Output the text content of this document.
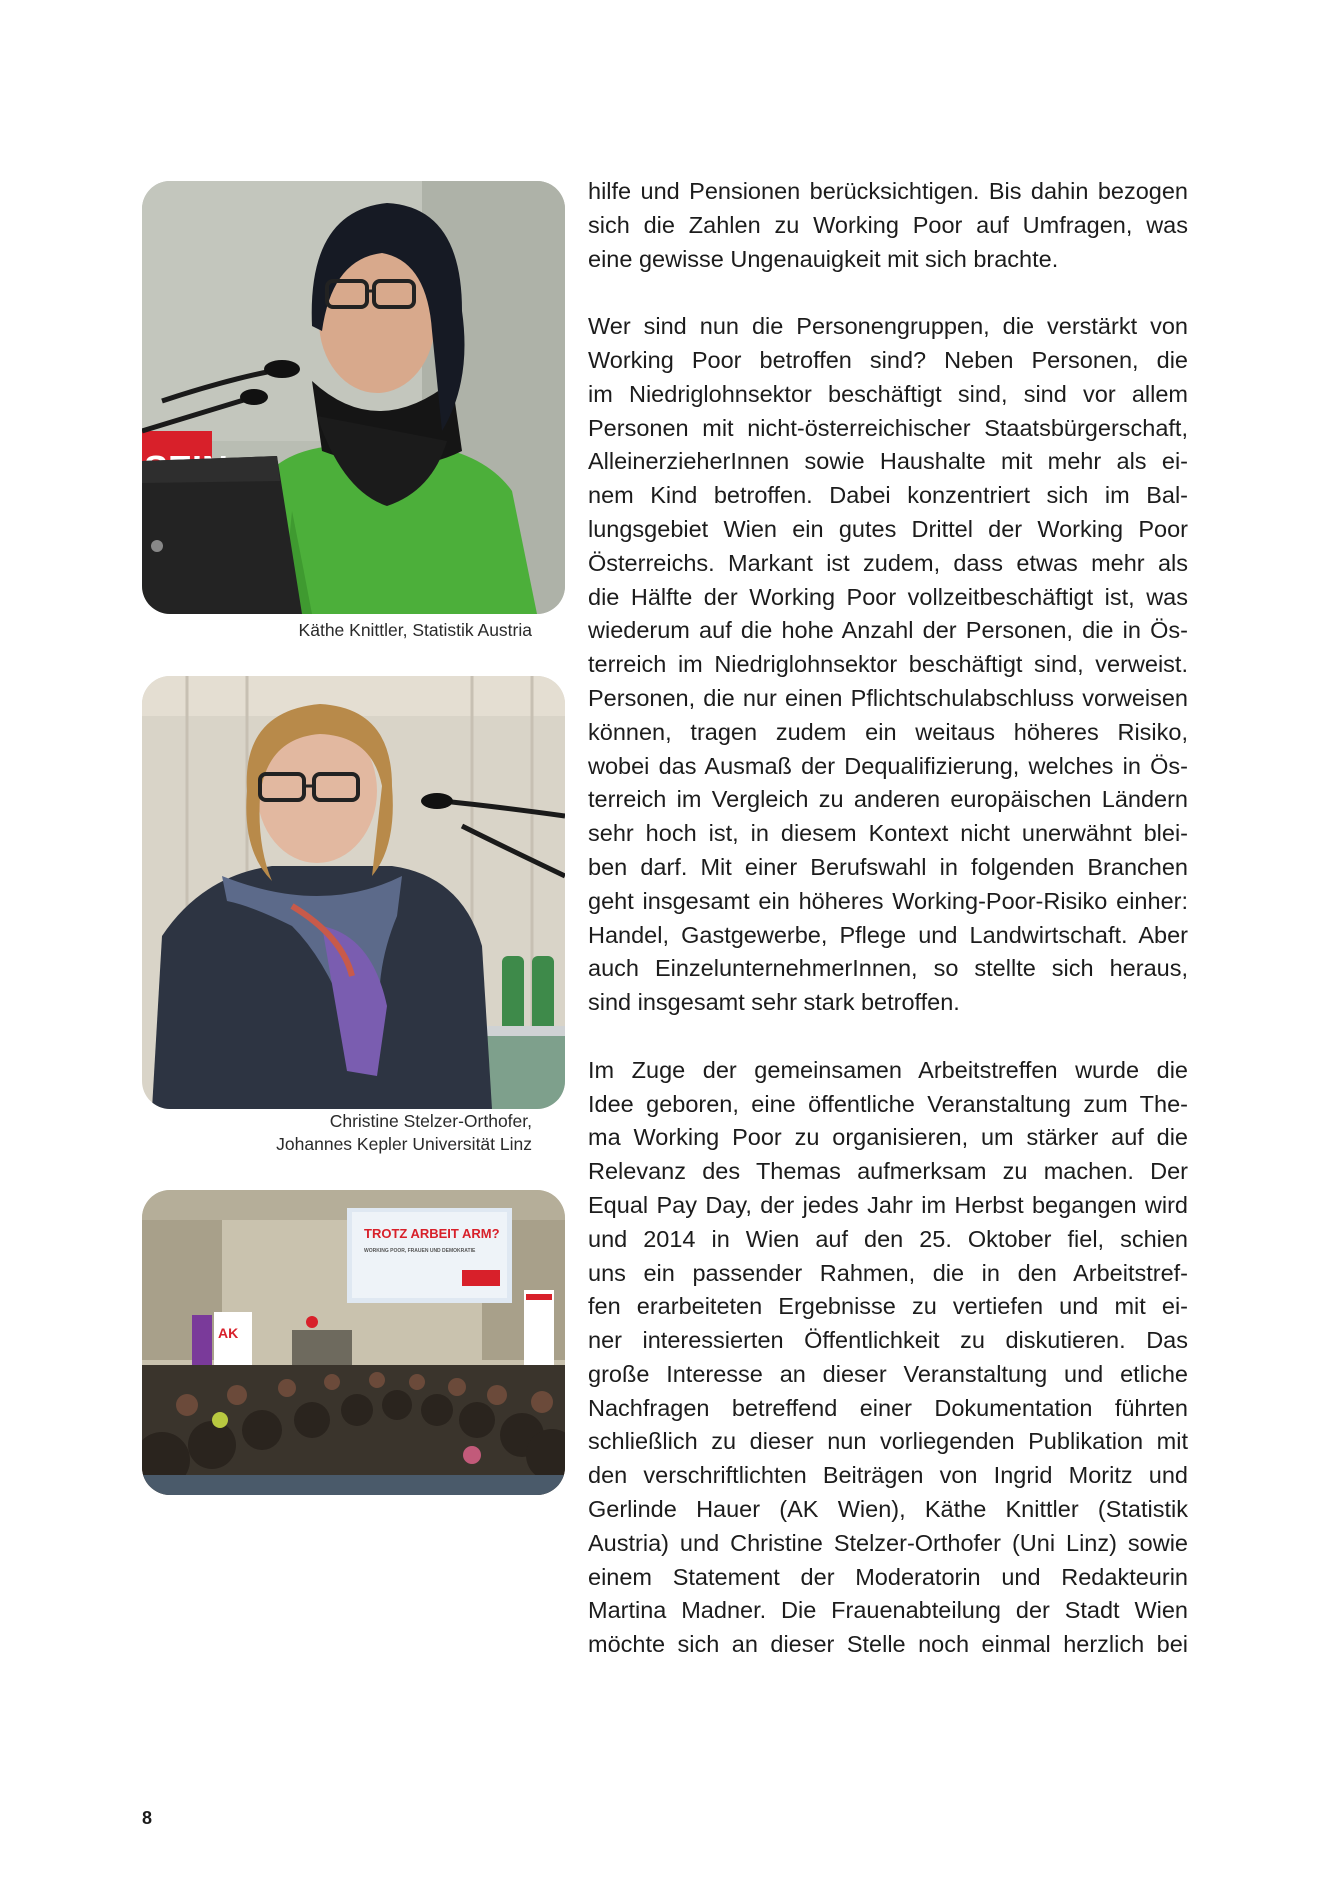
Käthe Knittler, Statistik Austria
Christine Stelzer-Orthofer,
Johannes Kepler Universität Linz
TROTZ ARBEIT ARM?
WORKING POOR, FRAUEN UND DEMOKRATIE
AK
hilfe und Pensionen berücksichtigen. Bis dahin bezogen
sich die Zahlen zu Working Poor auf Umfragen, was
eine gewisse Ungenauigkeit mit sich brachte.
Wer sind nun die Personengruppen, die verstärkt von
Working Poor betroffen sind? Neben Personen, die
im Niedriglohnsektor beschäftigt sind, sind vor allem
Personen mit nicht-österreichischer Staatsbürgerschaft,
AlleinerzieherInnen sowie Haushalte mit mehr als ei-
nem Kind betroffen. Dabei konzentriert sich im Bal-
lungsgebiet Wien ein gutes Drittel der Working Poor
Österreichs. Markant ist zudem, dass etwas mehr als
die Hälfte der Working Poor vollzeitbeschäftigt ist, was
wiederum auf die hohe Anzahl der Personen, die in Ös-
terreich im Niedriglohnsektor beschäftigt sind, verweist.
Personen, die nur einen Pflichtschulabschluss vorweisen
können, tragen zudem ein weitaus höheres Risiko,
wobei das Ausmaß der Dequalifizierung, welches in Ös-
terreich im Vergleich zu anderen europäischen Ländern
sehr hoch ist, in diesem Kontext nicht unerwähnt blei-
ben darf. Mit einer Berufswahl in folgenden Branchen
geht insgesamt ein höheres Working-Poor-Risiko einher:
Handel, Gastgewerbe, Pflege und Landwirtschaft. Aber
auch EinzelunternehmerInnen, so stellte sich heraus,
sind insgesamt sehr stark betroffen.
Im Zuge der gemeinsamen Arbeitstreffen wurde die
Idee geboren, eine öffentliche Veranstaltung zum The-
ma Working Poor zu organisieren, um stärker auf die
Relevanz des Themas aufmerksam zu machen. Der
Equal Pay Day, der jedes Jahr im Herbst begangen wird
und 2014 in Wien auf den 25. Oktober fiel, schien
uns ein passender Rahmen, die in den Arbeitstref-
fen erarbeiteten Ergebnisse zu vertiefen und mit ei-
ner interessierten Öffentlichkeit zu diskutieren. Das
große Interesse an dieser Veranstaltung und etliche
Nachfragen betreffend einer Dokumentation führten
schließlich zu dieser nun vorliegenden Publikation mit
den verschriftlichten Beiträgen von Ingrid Moritz und
Gerlinde Hauer (AK Wien), Käthe Knittler (Statistik
Austria) und Christine Stelzer-Orthofer (Uni Linz) sowie
einem Statement der Moderatorin und Redakteurin
Martina Madner. Die Frauenabteilung der Stadt Wien
möchte sich an dieser Stelle noch einmal herzlich bei
8
